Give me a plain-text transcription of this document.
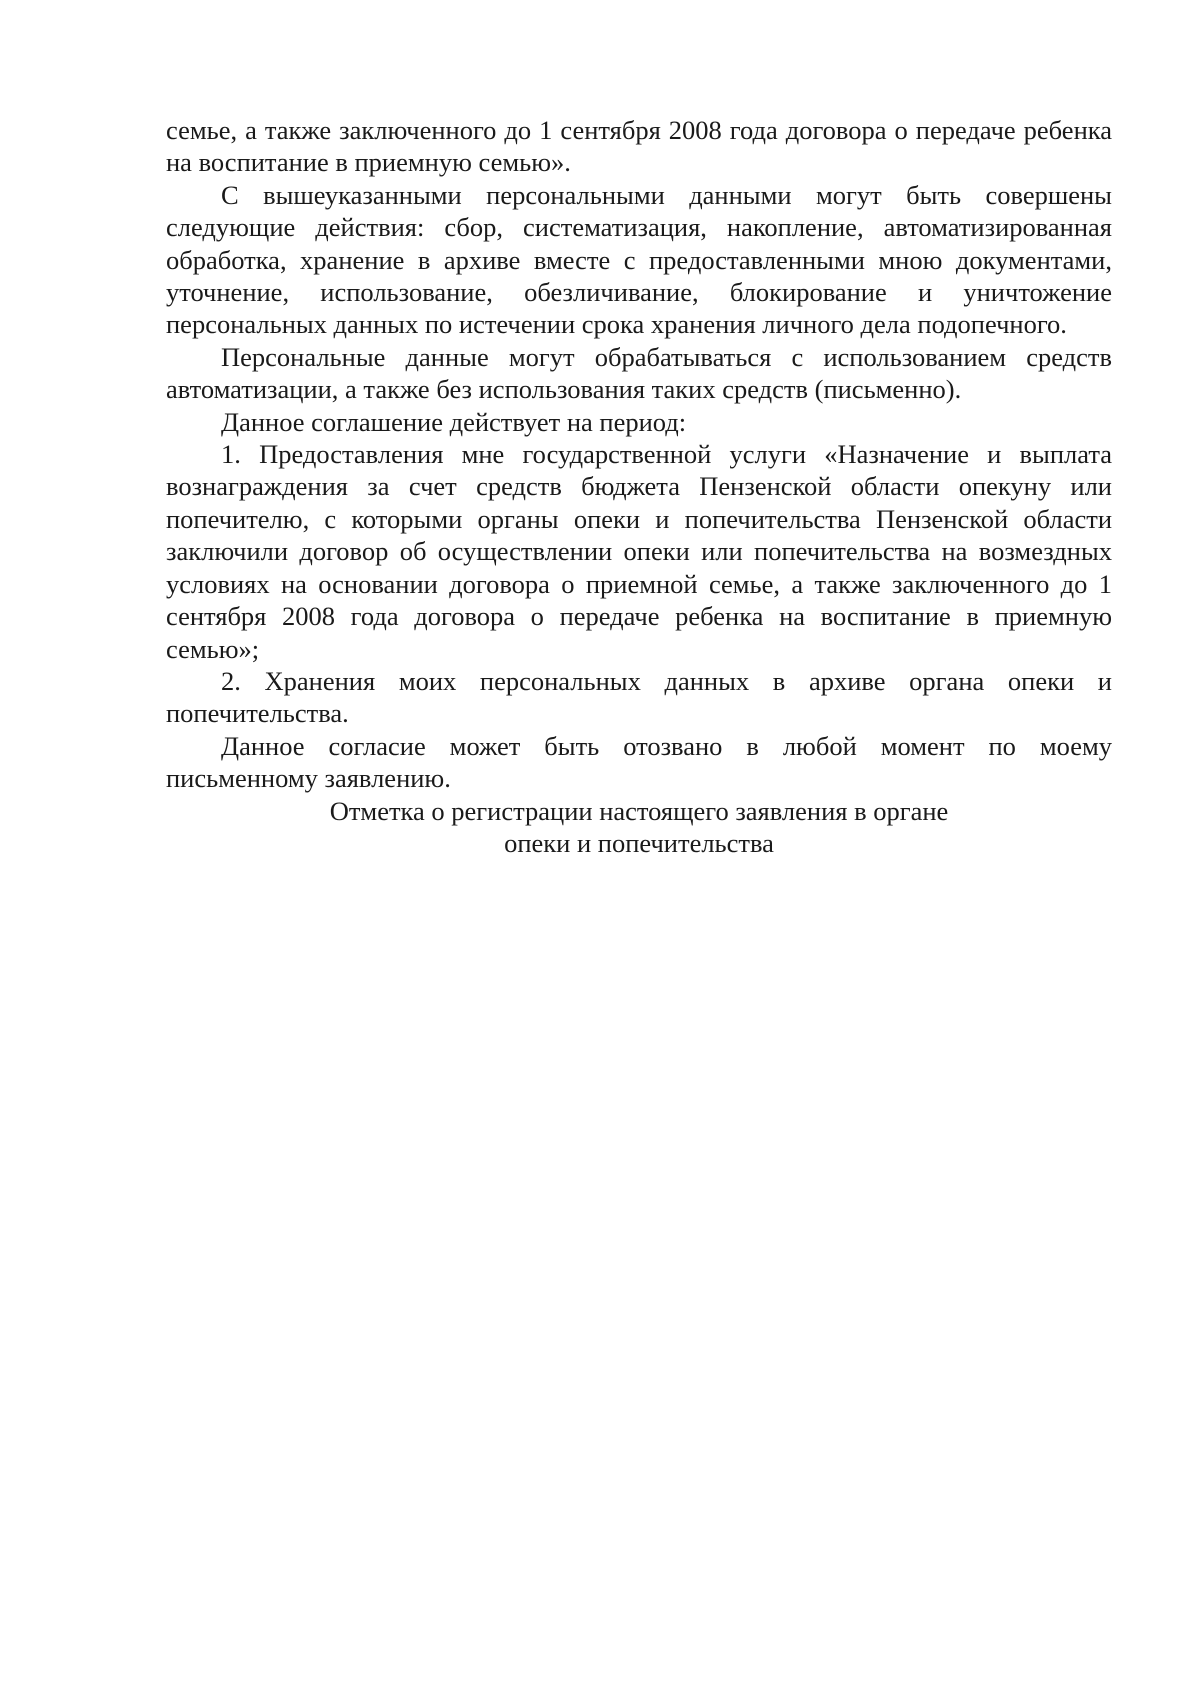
семье, а также заключенного до 1 сентября 2008 года договора о передаче ребенка на воспитание в приемную семью».

С вышеуказанными персональными данными могут быть совершены следующие действия: сбор, систематизация, накопление, автоматизированная обработка, хранение в архиве вместе с предоставленными мною документами, уточнение, использование, обезличивание, блокирование и уничтожение персональных данных по истечении срока хранения личного дела подопечного.

Персональные данные могут обрабатываться с использованием средств автоматизации, а также без использования таких средств (письменно).

Данное соглашение действует на период:

1. Предоставления мне государственной услуги «Назначение и выплата вознаграждения за счет средств бюджета Пензенской области опекуну или попечителю, с которыми органы опеки и попечительства Пензенской области заключили договор об осуществлении опеки или попечительства на возмездных условиях на основании договора о приемной семье, а также заключенного до 1 сентября 2008 года договора о передаче ребенка на воспитание в приемную семью»;

2. Хранения моих персональных данных в архиве органа опеки и попечительства.

Данное согласие может быть отозвано в любой момент по моему письменному заявлению.

Отметка о регистрации настоящего заявления в органе

опеки и попечительства
